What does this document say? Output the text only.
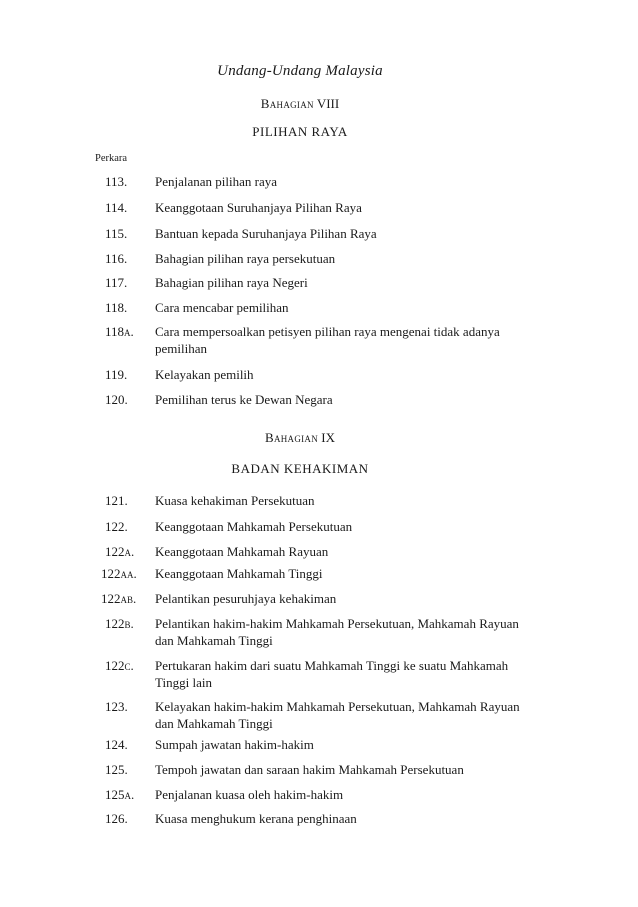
Undang-Undang Malaysia
Bahagian VIII
PILIHAN RAYA
Perkara
113.	Penjalanan pilihan raya
114.	Keanggotaan Suruhanjaya Pilihan Raya
115.	Bantuan kepada Suruhanjaya Pilihan Raya
116.	Bahagian pilihan raya persekutuan
117.	Bahagian pilihan raya Negeri
118.	Cara mencabar pemilihan
118a.	Cara mempersoalkan petisyen pilihan raya mengenai tidak adanya pemilihan
119.	Kelayakan pemilih
120.	Pemilihan terus ke Dewan Negara
Bahagian IX
BADAN KEHAKIMAN
121.	Kuasa kehakiman Persekutuan
122.	Keanggotaan Mahkamah Persekutuan
122a.	Keanggotaan Mahkamah Rayuan
122aa.	Keanggotaan Mahkamah Tinggi
122ab.	Pelantikan pesuruhjaya kehakiman
122b.	Pelantikan hakim-hakim Mahkamah Persekutuan, Mahkamah Rayuan dan Mahkamah Tinggi
122c.	Pertukaran hakim dari suatu Mahkamah Tinggi ke suatu Mahkamah Tinggi lain
123.	Kelayakan hakim-hakim Mahkamah Persekutuan, Mahkamah Rayuan dan Mahkamah Tinggi
124.	Sumpah jawatan hakim-hakim
125.	Tempoh jawatan dan saraan hakim Mahkamah Persekutuan
125a.	Penjalanan kuasa oleh hakim-hakim
126.	Kuasa menghukum kerana penghinaan
